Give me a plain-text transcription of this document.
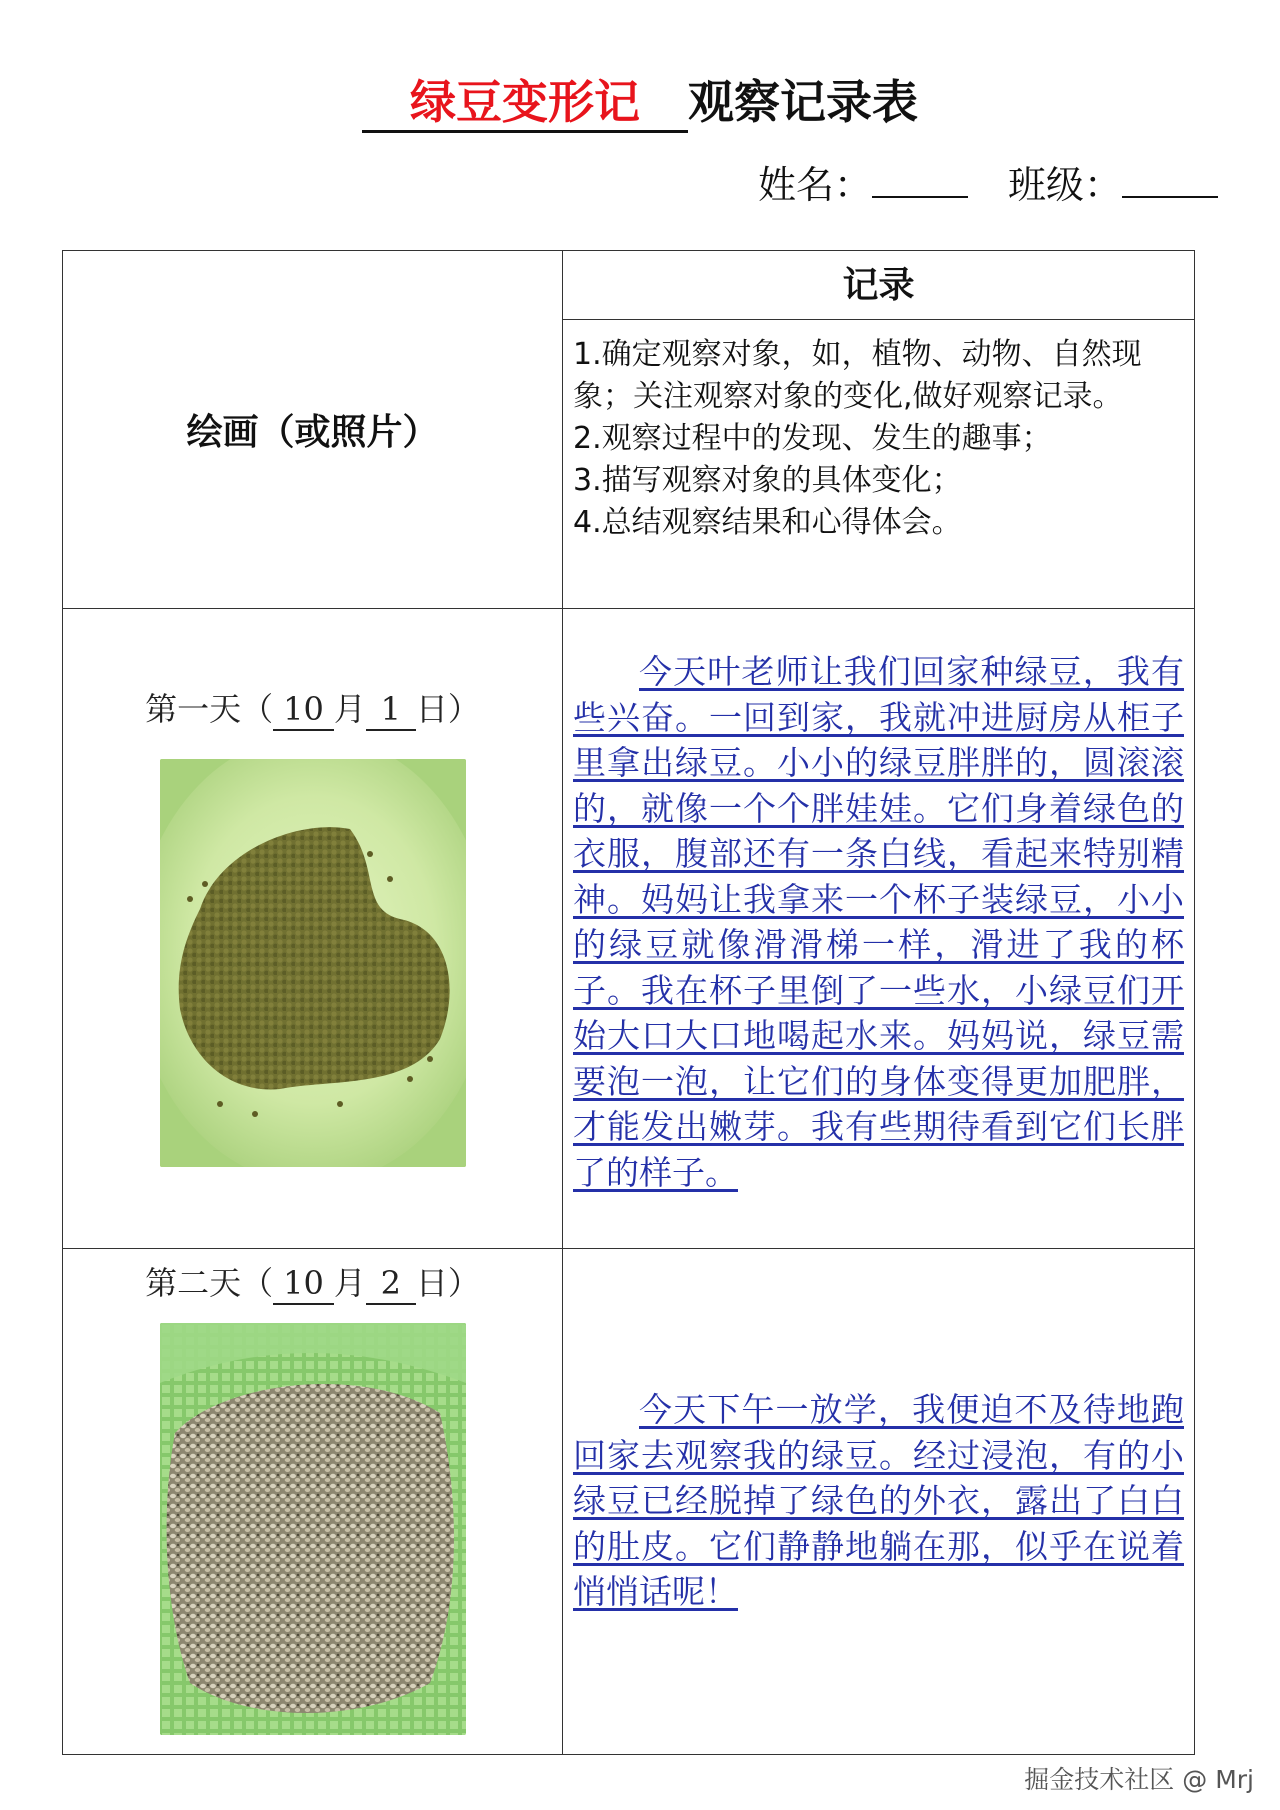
绿豆变形记 观察记录表
姓名：	班级：
绘画（或照片）	记录

	1.确定观察对象，如，植物、动物、自然现象；关注观察对象的变化,做好观察记录。
2.观察过程中的发现、发生的趣事；
3.描写观察对象的具体变化；
4.总结观察结果和心得体会。

第一天（ 10 月 1 日）	今天叶老师让我们回家种绿豆，我有些兴奋。一回到家，我就冲进厨房从柜子里拿出绿豆。小小的绿豆胖胖的，圆滚滚的，就像一个个胖娃娃。它们身着绿色的衣服，腹部还有一条白线，看起来特别精神。妈妈让我拿来一个杯子装绿豆，小小的绿豆就像滑滑梯一样，滑进了我的杯子。我在杯子里倒了一些水，小绿豆们开始大口大口地喝起水来。妈妈说，绿豆需要泡一泡，让它们的身体变得更加肥胖，才能发出嫩芽。我有些期待看到它们长胖了的样子。

第二天（ 10 月 2 日）	今天下午一放学，我便迫不及待地跑回家去观察我的绿豆。经过浸泡，有的小绿豆已经脱掉了绿色的外衣，露出了白白的肚皮。它们静静地躺在那，似乎在说着悄悄话呢！
掘金技术社区 @ Mrj
